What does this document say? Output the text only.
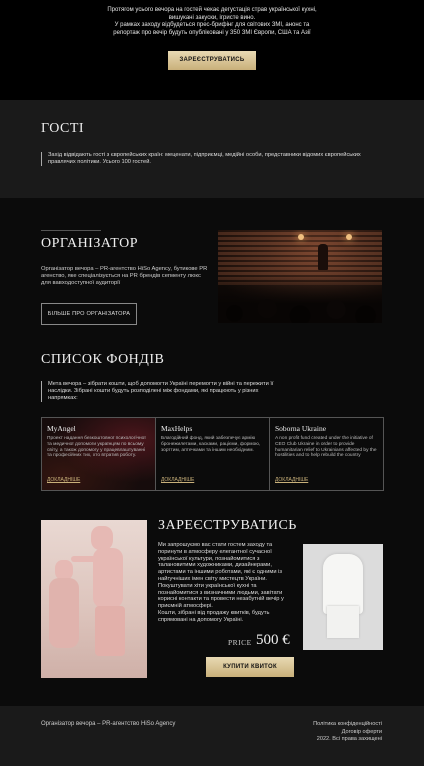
Протягом усього вечора на гостей чекає дегустація страв української кухні,
вишукані закуски, ігристе вино.
У рамках заходу відбудеться прес-брифінг для світових ЗМІ, анонс та
репортаж про вечір будуть опубліковані у 350 ЗМІ Європи, США та Азії
ЗАРЕЄСТРУВАТИСЬ
ГОСТІ
Захід відвідають гості з європейських країн: меценати, підприємці, медійні особи, представники відомих європейських правлячих політики. Усього 100 гостей.
ОРГАНІЗАТОР
Організатор вечора – PR-агентство HiSo Agency, бутикове PR агенство, яке спеціалізується на PR брендів сегменту люкс для вавходоступної аудиторії
БІЛЬШЕ ПРО ОРГАНІЗАТОРА
СПИСОК ФОНДІВ
Мета вечора – зібрати кошти, щоб допомогти Україні перемогти у війні та пережити її наслідки. Зібрані кошти будуть розподілені між фондами, які працюють у різних напрямках:
MyAngel
Проект надання безкоштовної психологічної та медичної допомоги українцям по всьому світу, а також допомогу у працевлаштуванні та професійних тих, хто втратив роботу.
ДОКЛАДНІШЕ
MaxHelps
Благодійний фонд, який забезпечує армію бронежилетами, касками, рацієми, формою, зорттим, аптечками та іншим необхідним.
ДОКЛАДНІШЕ
Soborna Ukraine
A non profit fund created under the initiative of CEO Club Ukraine in order to provide humanitarian relief to Ukrainians affected by the hostilities and to help rebuild the country
ДОКЛАДНІШЕ
ЗАРЕЄСТРУВАТИСЬ
Ми запрошуємо вас стати гостем заходу та поринути в атмосферу елегантної сучасної української культури, познайомитися з талановитими художниками, дизайнерами, артистами та іншими роботами, які є одними із найгучніших імен світу мистецтв України. Покуштувати хіти української кухні та познайомитися з визначними людьми, завітати корисні контакти та провести незабутній вечір у приємній атмосфері.
Кошти, зібрані від продажу квитків, будуть спрямовані на допомогу Україні.
PRICE 500 €
КУПИТИ КВИТОК
Організатор вечора – PR-агентство HiSo Agency	Політика конфіденційності
Договір оферти
2022. Всі права захищені
